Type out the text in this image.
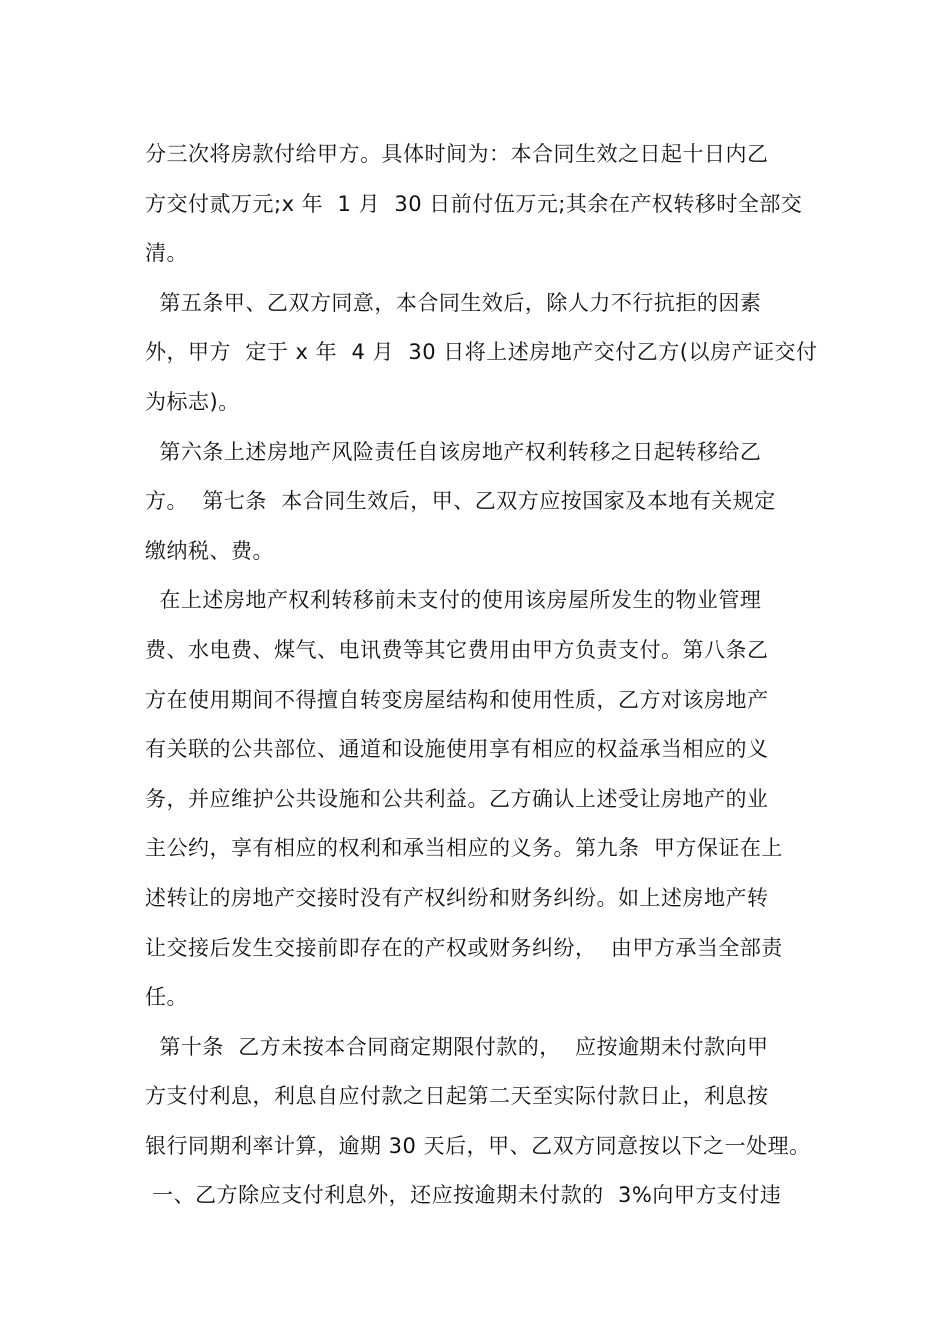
分三次将房款付给甲方。具体时间为：本合同生效之日起十日内乙
方交付贰万元;x 年  1 月  30 日前付伍万元;其余在产权转移时全部交
清。
第五条甲、乙双方同意，本合同生效后，除人力不行抗拒的因素
外，甲方  定于 x 年  4 月  30 日将上述房地产交付乙方(以房产证交付
为标志)。
第六条上述房地产风险责任自该房地产权利转移之日起转移给乙
方。  第七条  本合同生效后，甲、乙双方应按国家及本地有关规定
缴纳税、费。
在上述房地产权利转移前未支付的使用该房屋所发生的物业管理
费、水电费、煤气、电讯费等其它费用由甲方负责支付。第八条乙
方在使用期间不得擅自转变房屋结构和使用性质，乙方对该房地产
有关联的公共部位、通道和设施使用享有相应的权益承当相应的义
务，并应维护公共设施和公共利益。乙方确认上述受让房地产的业
主公约，享有相应的权利和承当相应的义务。第九条  甲方保证在上
述转让的房地产交接时没有产权纠纷和财务纠纷。如上述房地产转
让交接后发生交接前即存在的产权或财务纠纷，  由甲方承当全部责
任。
第十条  乙方未按本合同商定期限付款的，  应按逾期未付款向甲
方支付利息，利息自应付款之日起第二天至实际付款日止，利息按
银行同期利率计算，逾期 30 天后，甲、乙双方同意按以下之一处理。
一、乙方除应支付利息外，还应按逾期未付款的  3%向甲方支付违
